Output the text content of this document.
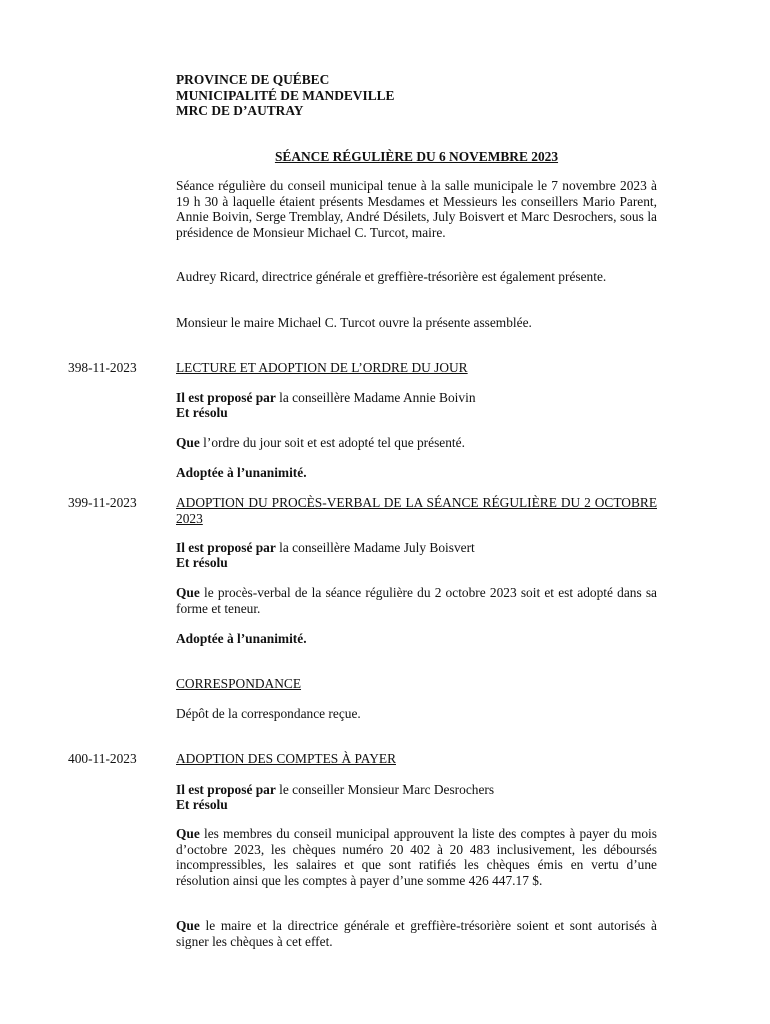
PROVINCE DE QUÉBEC
MUNICIPALITÉ DE MANDEVILLE
MRC DE D’AUTRAY
SÉANCE RÉGULIÈRE DU 6 NOVEMBRE 2023

Séance régulière du conseil municipal tenue à la salle municipale le 7 novembre 2023 à 19 h 30 à laquelle étaient présents Mesdames et Messieurs les conseillers Mario Parent, Annie Boivin, Serge Tremblay, André Désilets, July Boisvert et Marc Desrochers, sous la présidence de Monsieur Michael C. Turcot, maire.

Audrey Ricard, directrice générale et greffière-trésorière est également présente.

Monsieur le maire Michael C. Turcot ouvre la présente assemblée.

398-11-2023	LECTURE ET ADOPTION DE L’ORDRE DU JOUR

Il est proposé par la conseillère Madame Annie Boivin

Et résolu

Que l’ordre du jour soit et est adopté tel que présenté.

Adoptée à l’unanimité.

399-11-2023	ADOPTION DU PROCÈS-VERBAL DE LA SÉANCE RÉGULIÈRE DU 2 OCTOBRE 2023

Il est proposé par la conseillère Madame July Boisvert

Et résolu

Que le procès-verbal de la séance régulière du 2 octobre 2023 soit et est adopté dans sa forme et teneur.

Adoptée à l’unanimité.

CORRESPONDANCE

Dépôt de la correspondance reçue.

400-11-2023	ADOPTION DES COMPTES À PAYER

Il est proposé par le conseiller Monsieur Marc Desrochers

Et résolu

Que les membres du conseil municipal approuvent la liste des comptes à payer du mois d’octobre 2023, les chèques numéro 20 402 à 20 483 inclusivement, les déboursés incompressibles, les salaires et que sont ratifiés les chèques émis en vertu d’une résolution ainsi que les comptes à payer d’une somme 426 447.17 $.

Que le maire et la directrice générale et greffière-trésorière soient et sont autorisés à signer les chèques à cet effet.
